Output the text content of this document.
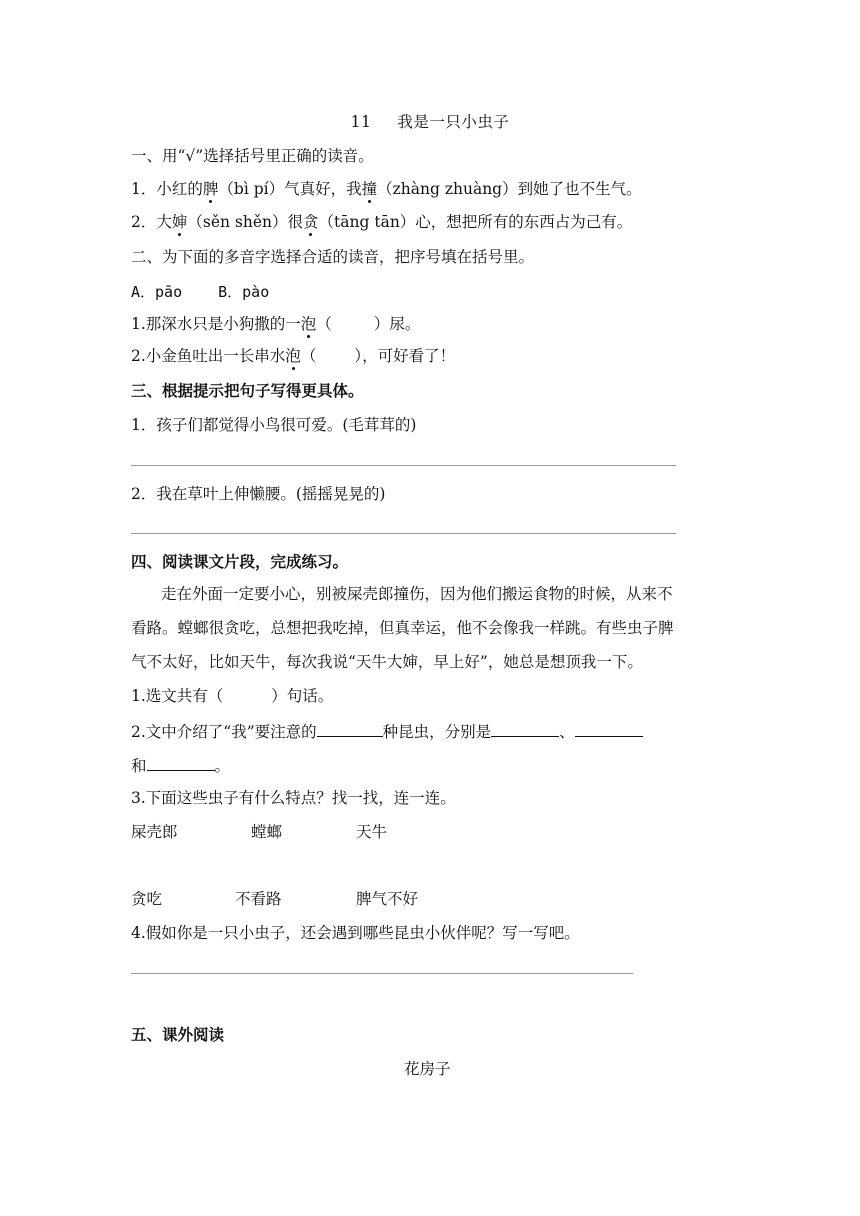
11 我是一只小虫子
一、用“√”选择括号里正确的读音。
1．小红的脾（bì pí）气真好，我撞（zhàng zhuàng）到她了也不生气。
2．大婶（sěn shěn）很贪（tāng tān）心，想把所有的东西占为己有。
二、为下面的多音字选择合适的读音，把序号填在括号里。
A．pāo B．pào
1.那深水只是小狗撒的一泡（	）尿。
2.小金鱼吐出一长串水泡（ ），可好看了！
三、根据提示把句子写得更具体。
1．孩子们都觉得小鸟很可爱。(毛茸茸的)
2．我在草叶上伸懒腰。(摇摇晃晃的)
四、阅读课文片段，完成练习。
走在外面一定要小心，别被屎壳郎撞伤，因为他们搬运食物的时候，从来不
看路。螳螂很贪吃，总想把我吃掉，但真幸运，他不会像我一样跳。有些虫子脾
气不太好，比如天牛，每次我说“天牛大婶，早上好”，她总是想顶我一下。
1.选文共有（	）句话。
2.文中介绍了“我”要注意的	种昆虫，分别是	、
和	。
3.下面这些虫子有什么特点？找一找，连一连。
屎壳郎	螳螂	天牛
贪吃	不看路	脾气不好
4.假如你是一只小虫子，还会遇到哪些昆虫小伙伴呢？写一写吧。
五、课外阅读
花房子
